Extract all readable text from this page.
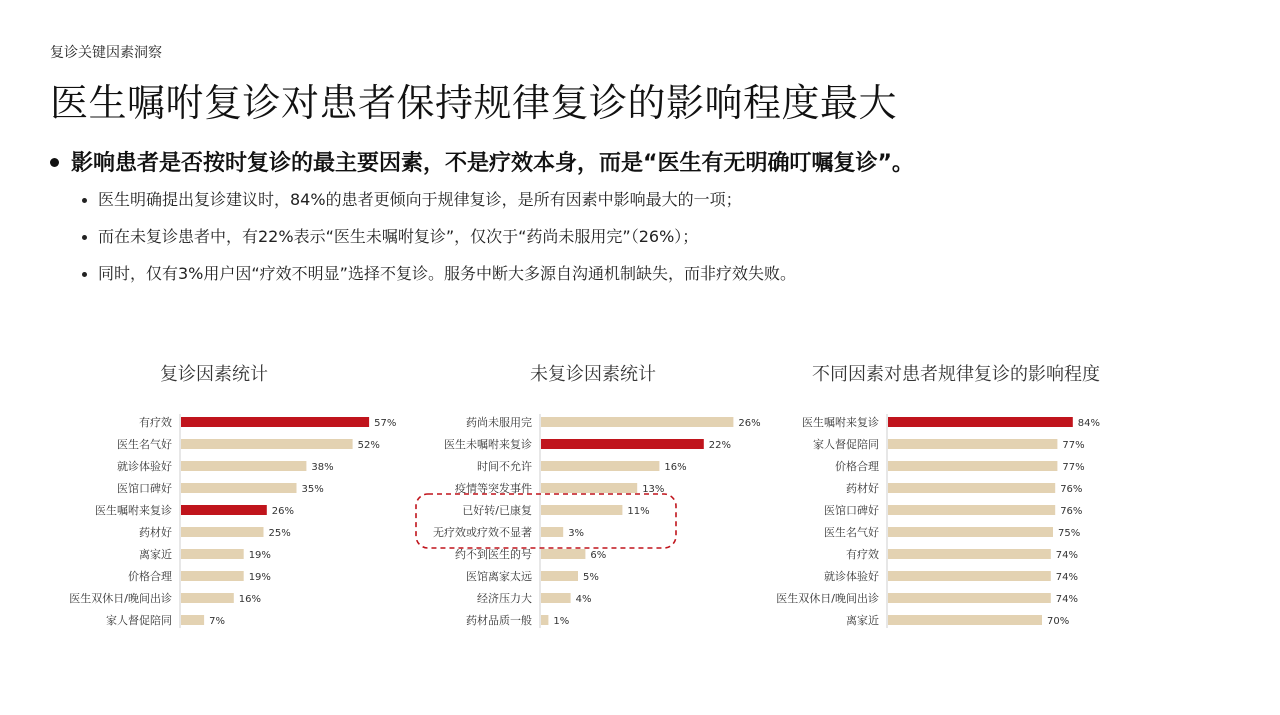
复诊关键因素洞察
医生嘱咐复诊对患者保持规律复诊的影响程度最大
影响患者是否按时复诊的最主要因素，不是疗效本身，而是“医生有无明确叮嘱复诊”。
医生明确提出复诊建议时，84%的患者更倾向于规律复诊，是所有因素中影响最大的一项；
而在未复诊患者中，有22%表示“医生未嘱咐复诊”，仅次于“药尚未服用完”（26%）；
同时，仅有3%用户因“疗效不明显”选择不复诊。服务中断大多源自沟通机制缺失，而非疗效失败。
复诊因素统计
有疗效	57%
医生名气好	52%
就诊体验好	38%
医馆口碑好	35%
医生嘱咐来复诊	26%
药材好	25%
离家近	19%
价格合理	19%
医生双休日/晚间出诊	16%
家人督促陪同	7%
未复诊因素统计
药尚未服用完	26%
医生未嘱咐来复诊	22%
时间不允许	16%
疫情等突发事件	13%
已好转/已康复	11%
无疗效或疗效不显著	3%
约不到医生的号	6%
医馆离家太远	5%
经济压力大	4%
药材品质一般 1%
不同因素对患者规律复诊的影响程度
医生嘱咐来复诊	84%
家人督促陪同	77%
价格合理	77%
药材好	76%
医馆口碑好	76%
医生名气好	75%
有疗效	74%
就诊体验好	74%
医生双休日/晚间出诊	74%
离家近	70%
